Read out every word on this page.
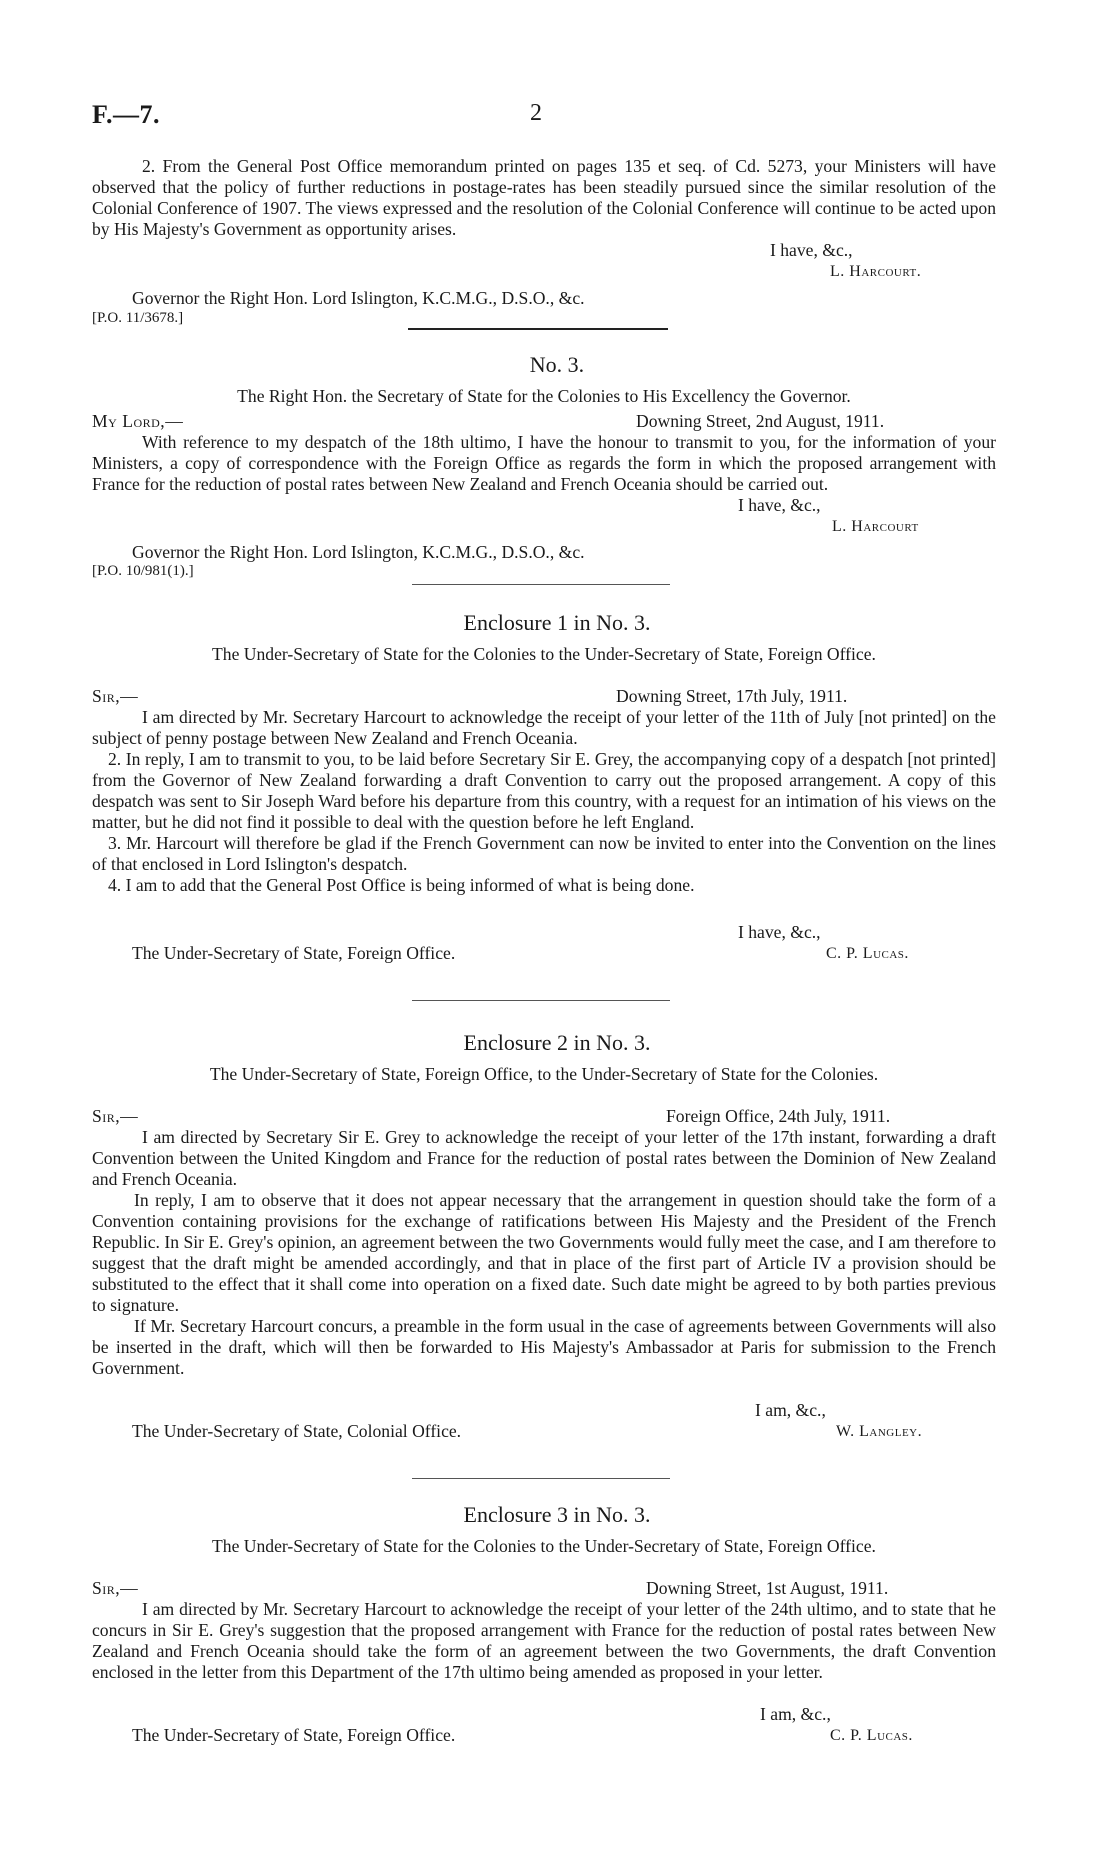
F.—7.	2

2. From the General Post Office memorandum printed on pages 135 et seq. of Cd. 5273, your Ministers will have observed that the policy of further reductions in postage-rates has been steadily pursued since the similar resolution of the Colonial Conference of 1907. The views expressed and the resolution of the Colonial Conference will continue to be acted upon by His Majesty's Government as opportunity arises.

I have, &c.,
L. Harcourt.
Governor the Right Hon. Lord Islington, K.C.M.G., D.S.O., &c.
[P.O. 11/3678.]
No. 3.
The Right Hon. the Secretary of State for the Colonies to His Excellency the Governor.
My Lord,—	Downing Street, 2nd August, 1911.

With reference to my despatch of the 18th ultimo, I have the honour to transmit to you, for the information of your Ministers, a copy of correspondence with the Foreign Office as regards the form in which the proposed arrangement with France for the reduction of postal rates between New Zealand and French Oceania should be carried out.

I have, &c.,
L. Harcourt
Governor the Right Hon. Lord Islington, K.C.M.G., D.S.O., &c.
[P.O. 10/981(1).]
Enclosure 1 in No. 3.

The Under-Secretary of State for the Colonies to the Under-Secretary of State, Foreign Office.

Sir,—	Downing Street, 17th July, 1911.

I am directed by Mr. Secretary Harcourt to acknowledge the receipt of your letter of the 11th of July [not printed] on the subject of penny postage between New Zealand and French Oceania.

2. In reply, I am to transmit to you, to be laid before Secretary Sir E. Grey, the accompanying copy of a despatch [not printed] from the Governor of New Zealand forwarding a draft Convention to carry out the proposed arrangement. A copy of this despatch was sent to Sir Joseph Ward before his departure from this country, with a request for an intimation of his views on the matter, but he did not find it possible to deal with the question before he left England.

3. Mr. Harcourt will therefore be glad if the French Government can now be invited to enter into the Convention on the lines of that enclosed in Lord Islington's despatch.

4. I am to add that the General Post Office is being informed of what is being done.

I have, &c.,
The Under-Secretary of State, Foreign Office.	C. P. Lucas.
Enclosure 2 in No. 3.

The Under-Secretary of State, Foreign Office, to the Under-Secretary of State for the Colonies.

Sir,—	Foreign Office, 24th July, 1911.

I am directed by Secretary Sir E. Grey to acknowledge the receipt of your letter of the 17th instant, forwarding a draft Convention between the United Kingdom and France for the reduction of postal rates between the Dominion of New Zealand and French Oceania.

In reply, I am to observe that it does not appear necessary that the arrangement in question should take the form of a Convention containing provisions for the exchange of ratifications between His Majesty and the President of the French Republic. In Sir E. Grey's opinion, an agreement between the two Governments would fully meet the case, and I am therefore to suggest that the draft might be amended accordingly, and that in place of the first part of Article IV a provision should be substituted to the effect that it shall come into operation on a fixed date. Such date might be agreed to by both parties previous to signature.

If Mr. Secretary Harcourt concurs, a preamble in the form usual in the case of agreements between Governments will also be inserted in the draft, which will then be forwarded to His Majesty's Ambassador at Paris for submission to the French Government.

I am, &c.,
The Under-Secretary of State, Colonial Office.	W. Langley.
Enclosure 3 in No. 3.

The Under-Secretary of State for the Colonies to the Under-Secretary of State, Foreign Office.

Sir,—	Downing Street, 1st August, 1911.

I am directed by Mr. Secretary Harcourt to acknowledge the receipt of your letter of the 24th ultimo, and to state that he concurs in Sir E. Grey's suggestion that the proposed arrangement with France for the reduction of postal rates between New Zealand and French Oceania should take the form of an agreement between the two Governments, the draft Convention enclosed in the letter from this Department of the 17th ultimo being amended as proposed in your letter.

I am, &c.,
The Under-Secretary of State, Foreign Office.	C. P. Lucas.
